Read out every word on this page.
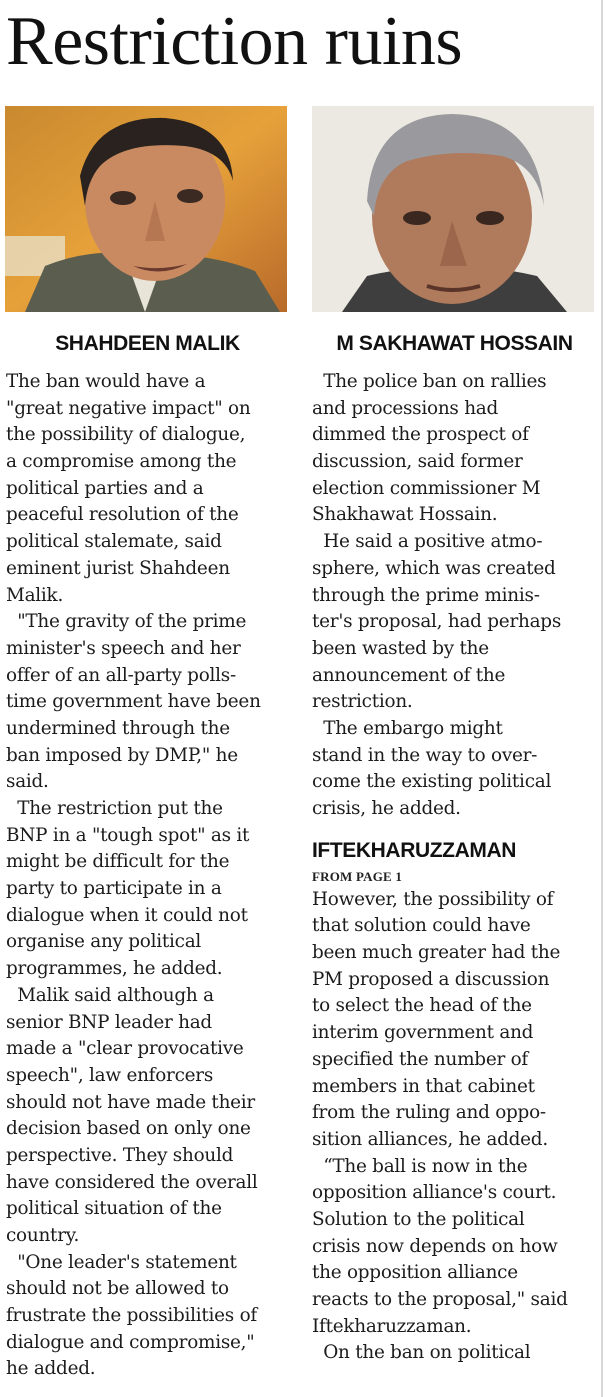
Restriction ruins
SHAHDEEN MALIK	M SAKHAWAT HOSSAIN
The ban would have a
"great negative impact" on
the possibility of dialogue,
a compromise among the
political parties and a
peaceful resolution of the
political stalemate, said
eminent jurist Shahdeen
Malik.
"The gravity of the prime
minister's speech and her
offer of an all-party polls-
time government have been
undermined through the
ban imposed by DMP," he
said.
The restriction put the
BNP in a "tough spot" as it
might be difficult for the
party to participate in a
dialogue when it could not
organise any political
programmes, he added.
Malik said although a
senior BNP leader had
made a "clear provocative
speech", law enforcers
should not have made their
decision based on only one
perspective. They should
have considered the overall
political situation of the
country.
"One leader's statement
should not be allowed to
frustrate the possibilities of
dialogue and compromise,"
he added.
The police ban on rallies
and processions had
dimmed the prospect of
discussion, said former
election commissioner M
Shakhawat Hossain.
He said a positive atmo-
sphere, which was created
through the prime minis-
ter's proposal, had perhaps
been wasted by the
announcement of the
restriction.
The embargo might
stand in the way to over-
come the existing political
crisis, he added.
IFTEKHARUZZAMAN
FROM PAGE 1
However, the possibility of
that solution could have
been much greater had the
PM proposed a discussion
to select the head of the
interim government and
specified the number of
members in that cabinet
from the ruling and oppo-
sition alliances, he added.
“The ball is now in the
opposition alliance's court.
Solution to the political
crisis now depends on how
the opposition alliance
reacts to the proposal," said
Iftekharuzzaman.
On the ban on political
